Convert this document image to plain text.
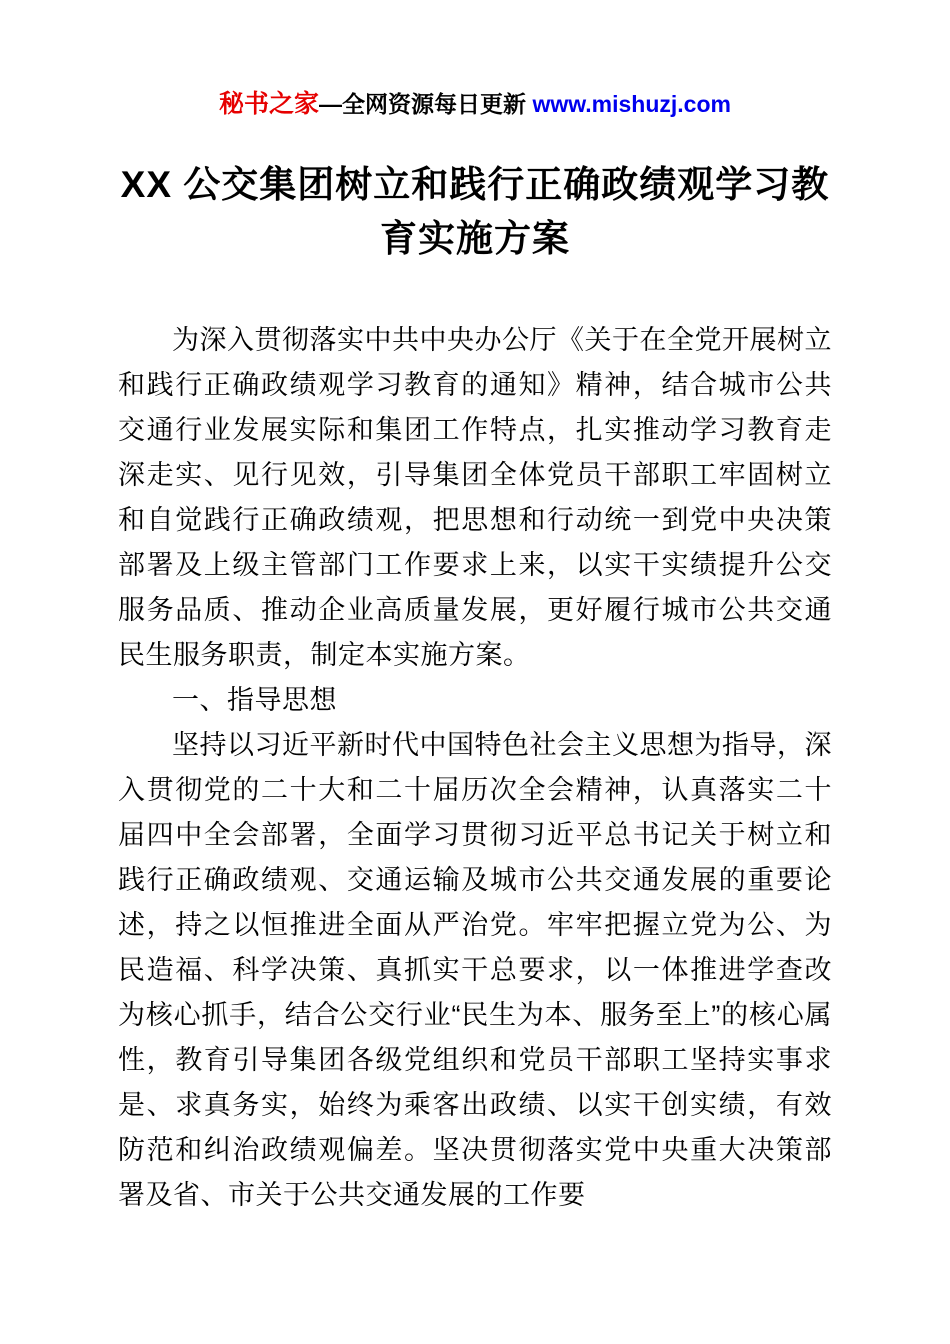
秘书之家—全网资源每日更新 www.mishuzj.com
XX 公交集团树立和践行正确政绩观学习教育实施方案

为深入贯彻落实中共中央办公厅《关于在全党开展树立和践行正确政绩观学习教育的通知》精神，结合城市公共交通行业发展实际和集团工作特点，扎实推动学习教育走深走实、见行见效，引导集团全体党员干部职工牢固树立和自觉践行正确政绩观，把思想和行动统一到党中央决策部署及上级主管部门工作要求上来，以实干实绩提升公交服务品质、推动企业高质量发展，更好履行城市公共交通民生服务职责，制定本实施方案。

一、指导思想

坚持以习近平新时代中国特色社会主义思想为指导，深入贯彻党的二十大和二十届历次全会精神，认真落实二十届四中全会部署，全面学习贯彻习近平总书记关于树立和践行正确政绩观、交通运输及城市公共交通发展的重要论述，持之以恒推进全面从严治党。牢牢把握立党为公、为民造福、科学决策、真抓实干总要求，以一体推进学查改为核心抓手，结合公交行业“民生为本、服务至上”的核心属性，教育引导集团各级党组织和党员干部职工坚持实事求是、求真务实，始终为乘客出政绩、以实干创实绩，有效防范和纠治政绩观偏差。坚决贯彻落实党中央重大决策部署及省、市关于公共交通发展的工作要
